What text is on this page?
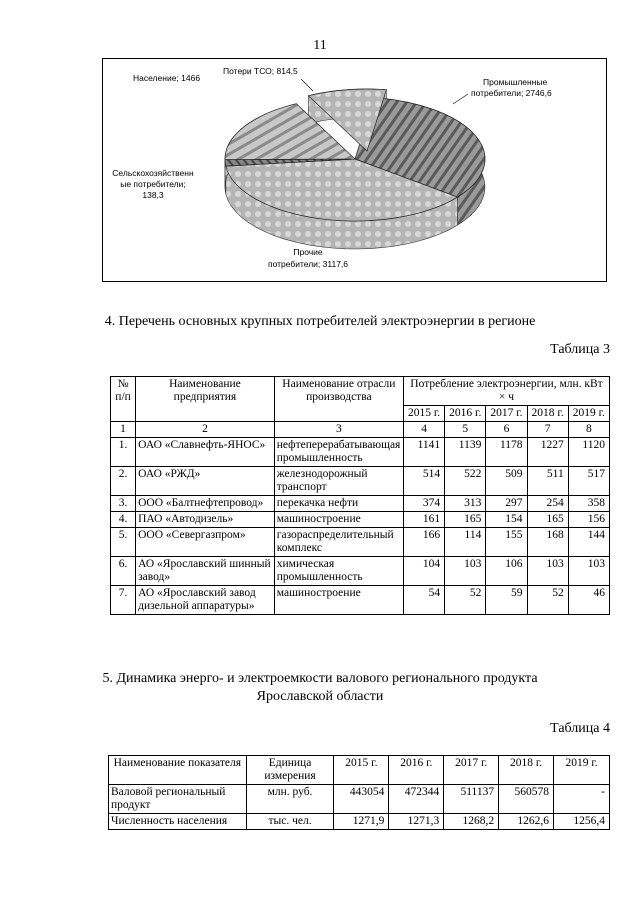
11
Промышленные
потребители; 2746,6
Прочие
потребители; 3117,6
Сельскохозяйственн
ые потребители;
138,3
Население; 1466
Потери ТСО; 814,5
4. Перечень основных крупных потребителей электроэнергии в регионе
Таблица 3
№ п/п	Наименование предприятия	Наименование отрасли производства	Потребление электроэнергии, млн. кВт × ч				
			2015 г.	2016 г.	2017 г.	2018 г.	2019 г.
1	2	3	4	5	6	7	8
1.	ОАО «Славнефть-ЯНОС»	нефтеперерабатывающая промышленность	1141	1139	1178	1227	1120
2.	ОАО «РЖД»	железнодорожный транспорт	514	522	509	511	517
3.	ООО «Балтнефтепровод»	перекачка нефти	374	313	297	254	358
4.	ПАО «Автодизель»	машиностроение	161	165	154	165	156
5.	ООО «Севергазпром»	газораспределительный комплекс	166	114	155	168	144
6.	АО «Ярославский шинный завод»	химическая промышленность	104	103	106	103	103
7.	АО «Ярославский завод дизельной аппаратуры»	машиностроение	54	52	59	52	46
5. Динамика энерго- и электроемкости валового регионального продукта
Ярославской области
Таблица 4
Наименование показателя	Единица измерения	2015 г.	2016 г.	2017 г.	2018 г.	2019 г.
Валовой региональный продукт	млн. руб.	443054	472344	511137	560578	-
Численность населения	тыс. чел.	1271,9	1271,3	1268,2	1262,6	1256,4
